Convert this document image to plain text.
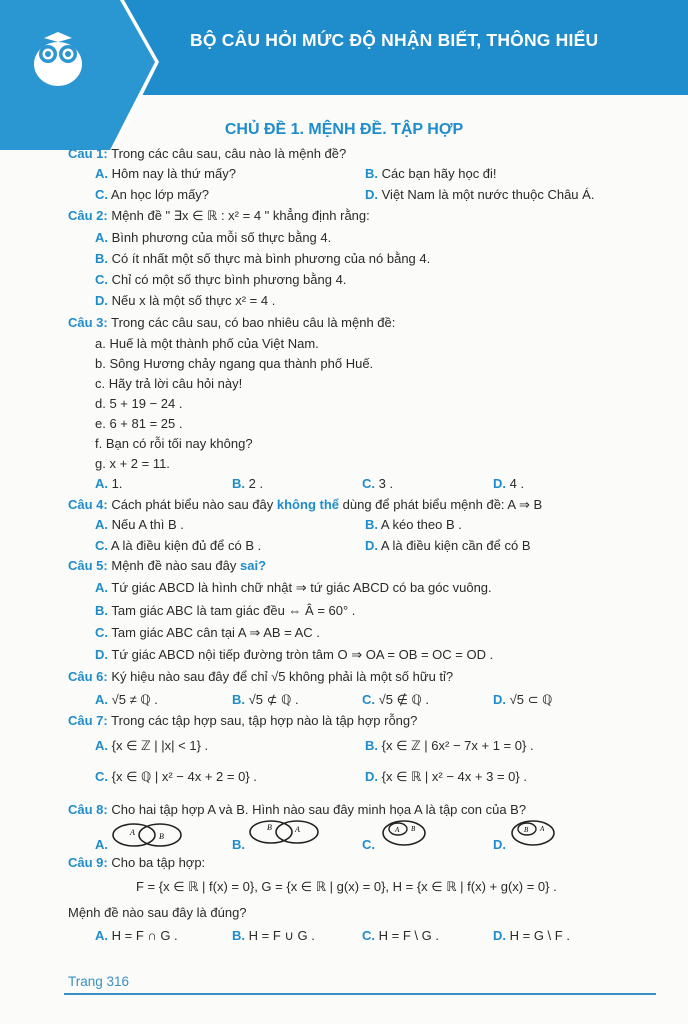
BỘ CÂU HỎI MỨC ĐỘ NHẬN BIẾT, THÔNG HIỂU
CHỦ ĐỀ 1. MỆNH ĐỀ. TẬP HỢP
Câu 1: Trong các câu sau, câu nào là mệnh đề?
A. Hôm nay là thứ mấy?	B. Các bạn hãy học đi!
C. An học lớp mấy?	D. Việt Nam là một nước thuộc Châu Á.
Câu 2: Mệnh đề " ∃x ∈ ℝ : x² = 4 " khẳng định rằng:
A. Bình phương của mỗi số thực bằng 4.
B. Có ít nhất một số thực mà bình phương của nó bằng 4.
C. Chỉ có một số thực bình phương bằng 4.
D. Nếu x là một số thực x² = 4 .
Câu 3: Trong các câu sau, có bao nhiêu câu là mệnh đề:
a. Huế là một thành phố của Việt Nam.
b. Sông Hương chảy ngang qua thành phố Huế.
c. Hãy trả lời câu hỏi này!
d. 5 + 19 − 24 .
e. 6 + 81 = 25 .
f. Bạn có rỗi tối nay không?
g. x + 2 = 11.
A. 1.	B. 2 .	C. 3 .	D. 4 .
Câu 4: Cách phát biểu nào sau đây không thể dùng để phát biểu mệnh đề: A ⇒ B
A. Nếu A thì B .	B. A kéo theo B .
C. A là điều kiện đủ để có B .	D. A là điều kiện cần để có B
Câu 5: Mệnh đề nào sau đây sai?
A. Tứ giác ABCD là hình chữ nhật ⇒ tứ giác ABCD có ba góc vuông.
B. Tam giác ABC là tam giác đều ⇔ Â = 60° .
C. Tam giác ABC cân tại A ⇒ AB = AC .
D. Tứ giác ABCD nội tiếp đường tròn tâm O ⇒ OA = OB = OC = OD .
Câu 6: Ký hiệu nào sau đây để chỉ √5 không phải là một số hữu tỉ?
A. √5 ≠ ℚ .	B. √5 ⊄ ℚ .	C. √5 ∉ ℚ .	D. √5 ⊂ ℚ
Câu 7: Trong các tập hợp sau, tập hợp nào là tập hợp rỗng?
A. {x ∈ ℤ | |x| < 1} .	B. {x ∈ ℤ | 6x² − 7x + 1 = 0} .
C. {x ∈ ℚ | x² − 4x + 2 = 0} .	D. {x ∈ ℝ | x² − 4x + 3 = 0} .
Câu 8: Cho hai tập hợp A và B. Hình nào sau đây minh họa A là tập con của B?
A.
A	B
B.
B	A
C.
A B
D.
B A
Câu 9: Cho ba tập hợp:
F = {x ∈ ℝ | f(x) = 0}, G = {x ∈ ℝ | g(x) = 0}, H = {x ∈ ℝ | f(x) + g(x) = 0} .
Mệnh đề nào sau đây là đúng?
A. H = F ∩ G .	B. H = F ∪ G .	C. H = F \ G .	D. H = G \ F .
Trang 316
